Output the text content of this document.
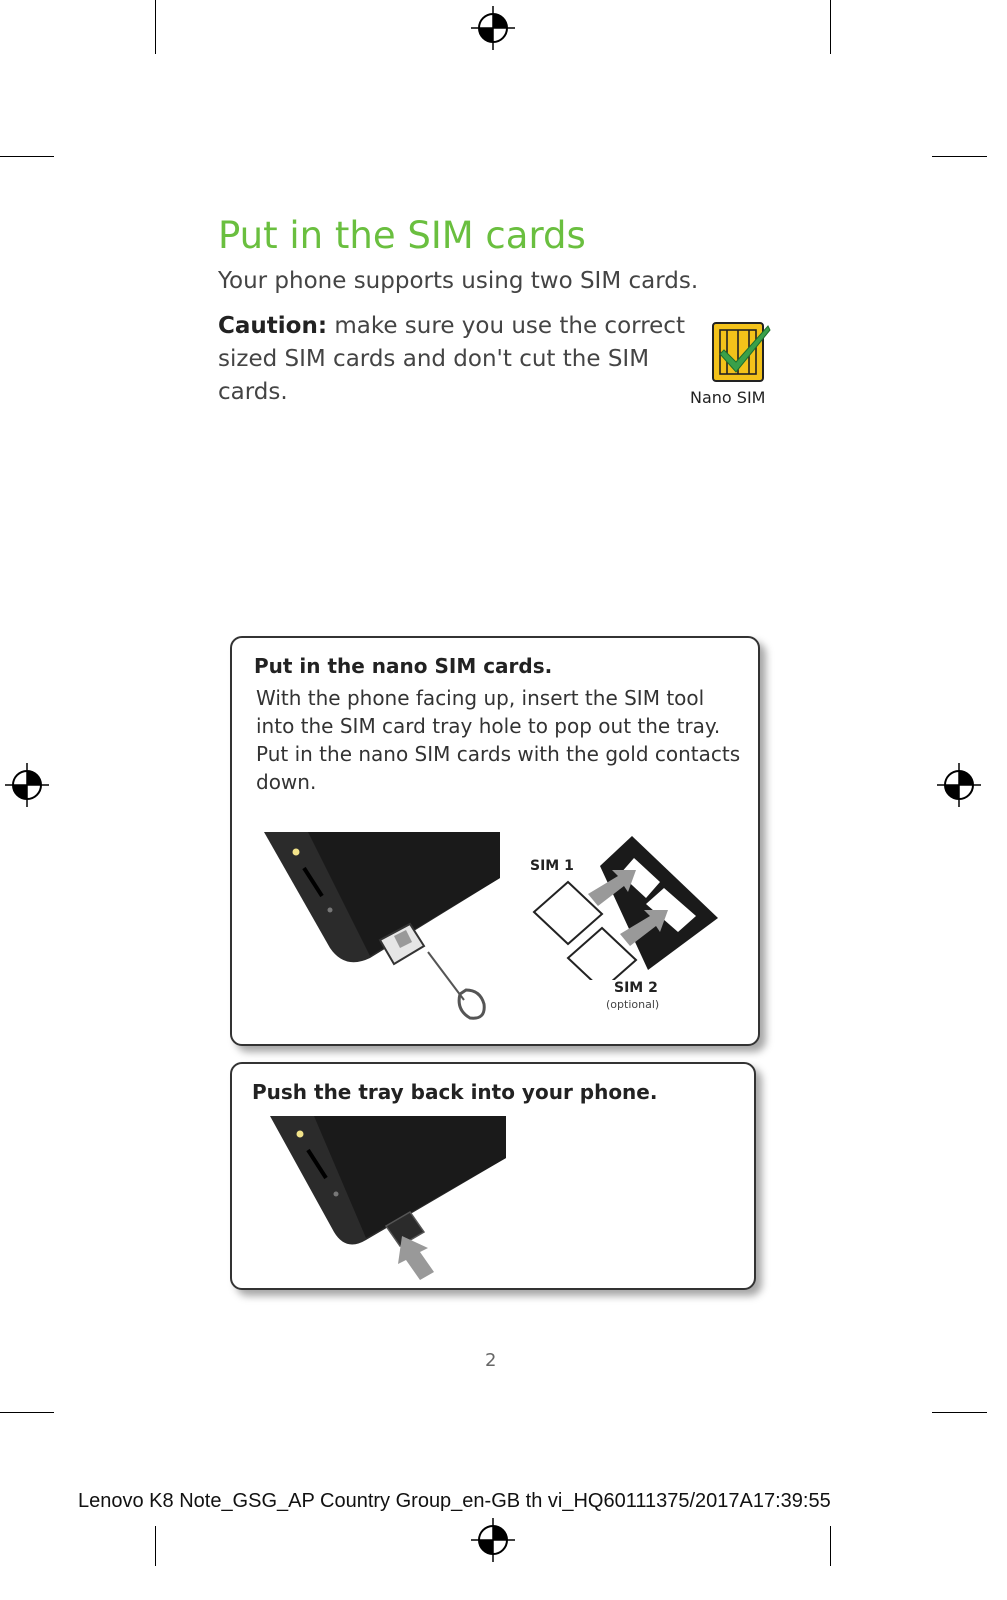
Put in the SIM cards
Your phone supports using two SIM cards.
Caution: make sure you use the correct sized SIM cards and don't cut the SIM cards.	Nano SIM
Put in the nano SIM cards.
With the phone facing up, insert the SIM tool into the SIM card tray hole to pop out the tray. Put in the nano SIM cards with the gold contacts down.
SIM 1
SIM 2
(optional)
Push the tray back into your phone.
2
Lenovo K8 Note_GSG_AP Country Group_en-GB th vi_HQ60111375/2017A17:39:55
